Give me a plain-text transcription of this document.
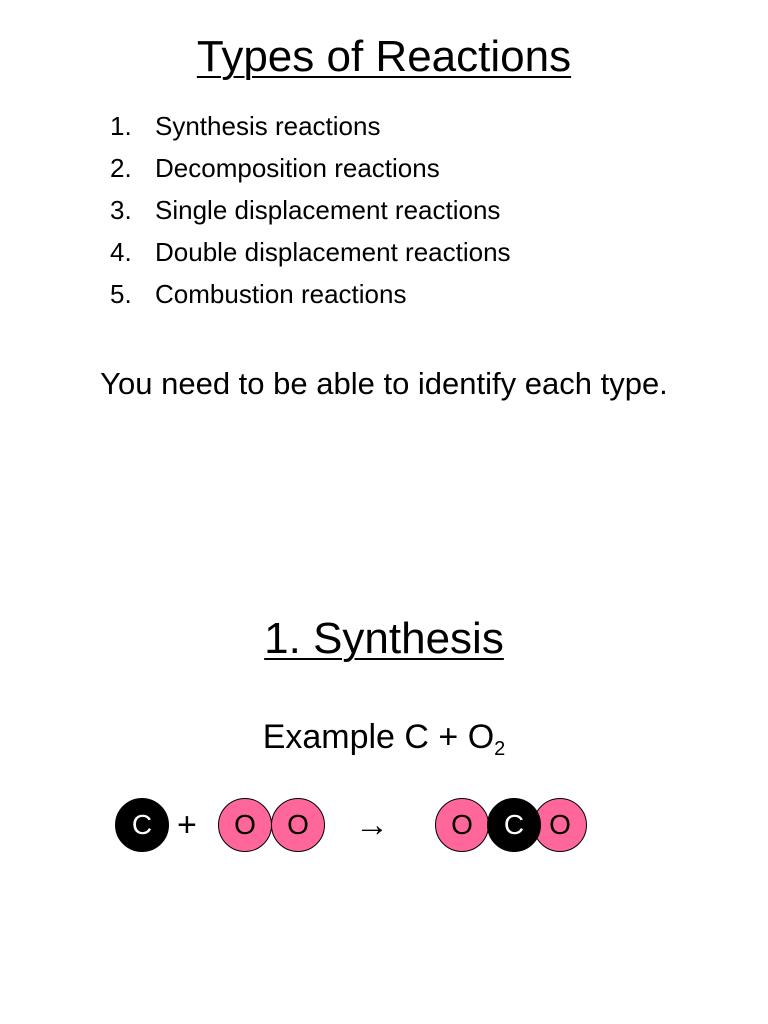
Types of Reactions
1. Synthesis reactions
2. Decomposition reactions
3. Single displacement reactions
4. Double displacement reactions
5. Combustion reactions

You need to be able to identify each type.

1. Synthesis

Example $C + O_2$

C +	O	O	→	O	O
C
